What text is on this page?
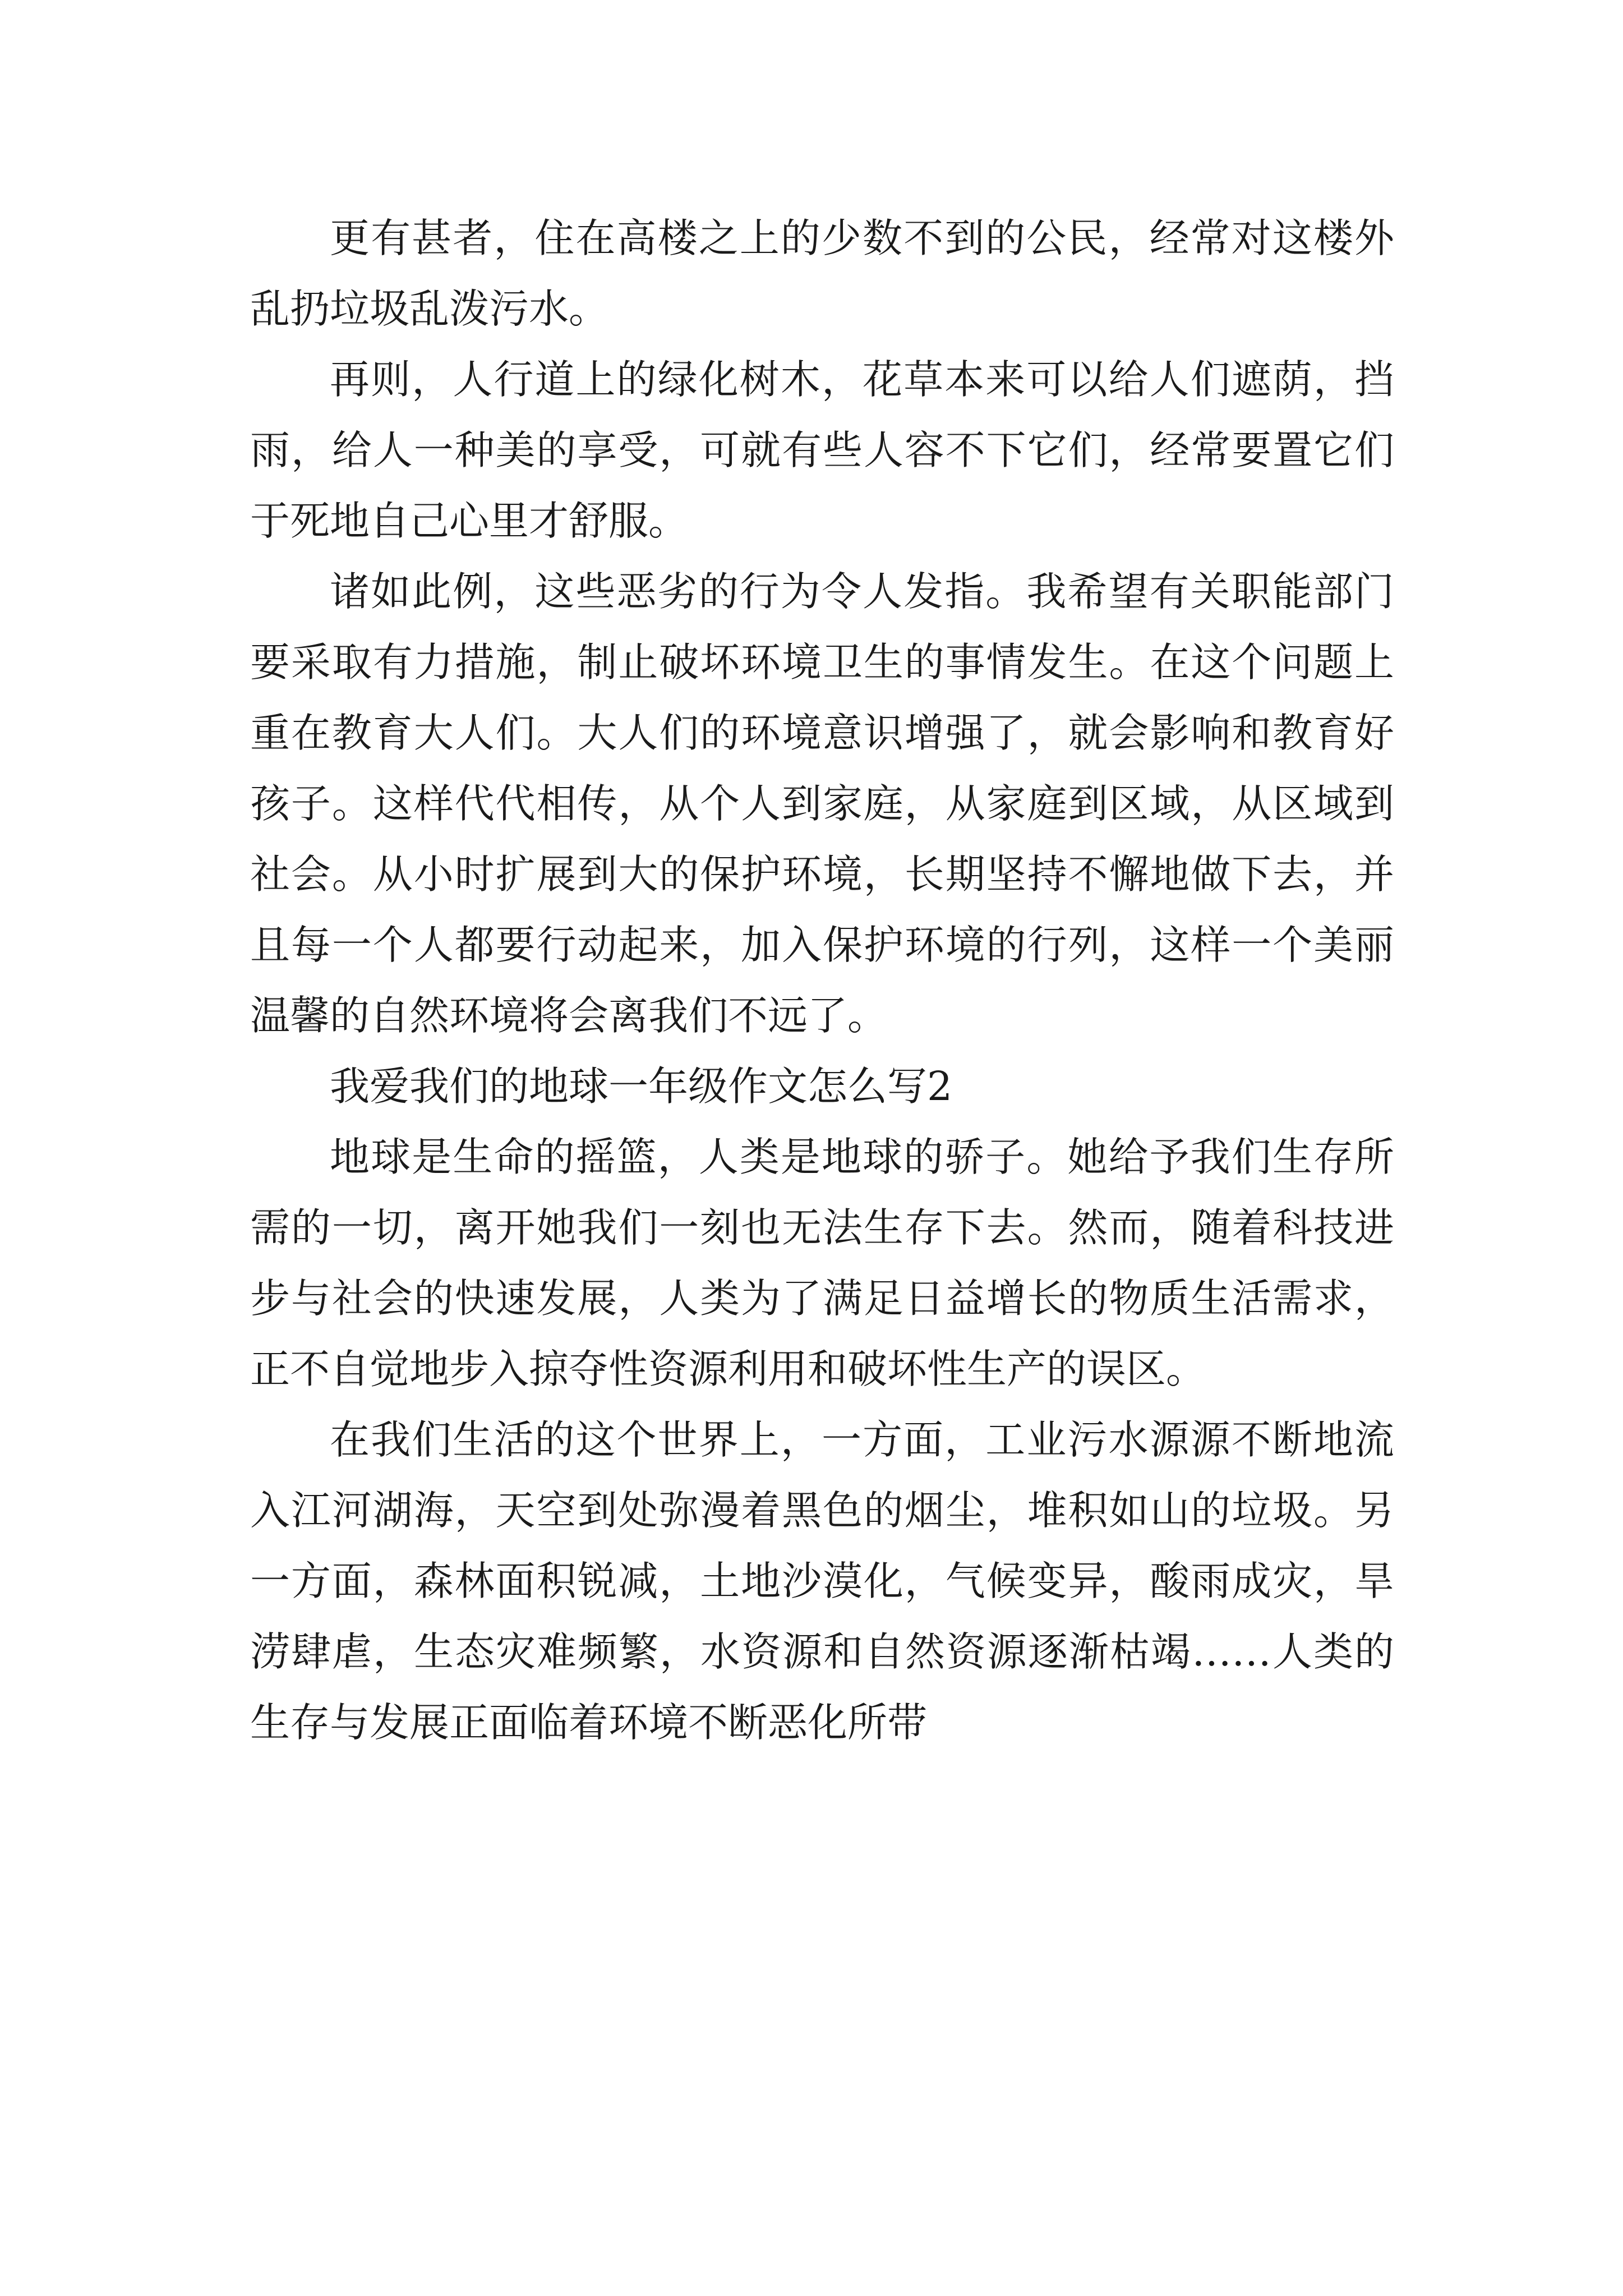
更有甚者，住在高楼之上的少数不到的公民，经常对这楼外乱扔垃圾乱泼污水。

再则，人行道上的绿化树木，花草本来可以给人们遮荫，挡雨，给人一种美的享受，可就有些人容不下它们，经常要置它们于死地自己心里才舒服。

诸如此例，这些恶劣的行为令人发指。我希望有关职能部门要采取有力措施，制止破坏环境卫生的事情发生。在这个问题上重在教育大人们。大人们的环境意识增强了，就会影响和教育好孩子。这样代代相传，从个人到家庭，从家庭到区域，从区域到社会。从小时扩展到大的保护环境，长期坚持不懈地做下去，并且每一个人都要行动起来，加入保护环境的行列，这样一个美丽温馨的自然环境将会离我们不远了。

我爱我们的地球一年级作文怎么写2

地球是生命的摇篮，人类是地球的骄子。她给予我们生存所需的一切，离开她我们一刻也无法生存下去。然而，随着科技进步与社会的快速发展，人类为了满足日益增长的物质生活需求，正不自觉地步入掠夺性资源利用和破坏性生产的误区。

在我们生活的这个世界上，一方面，工业污水源源不断地流入江河湖海，天空到处弥漫着黑色的烟尘，堆积如山的垃圾。另一方面，森林面积锐减，土地沙漠化，气候变异，酸雨成灾，旱涝肆虐，生态灾难频繁，水资源和自然资源逐渐枯竭……人类的生存与发展正面临着环境不断恶化所带
